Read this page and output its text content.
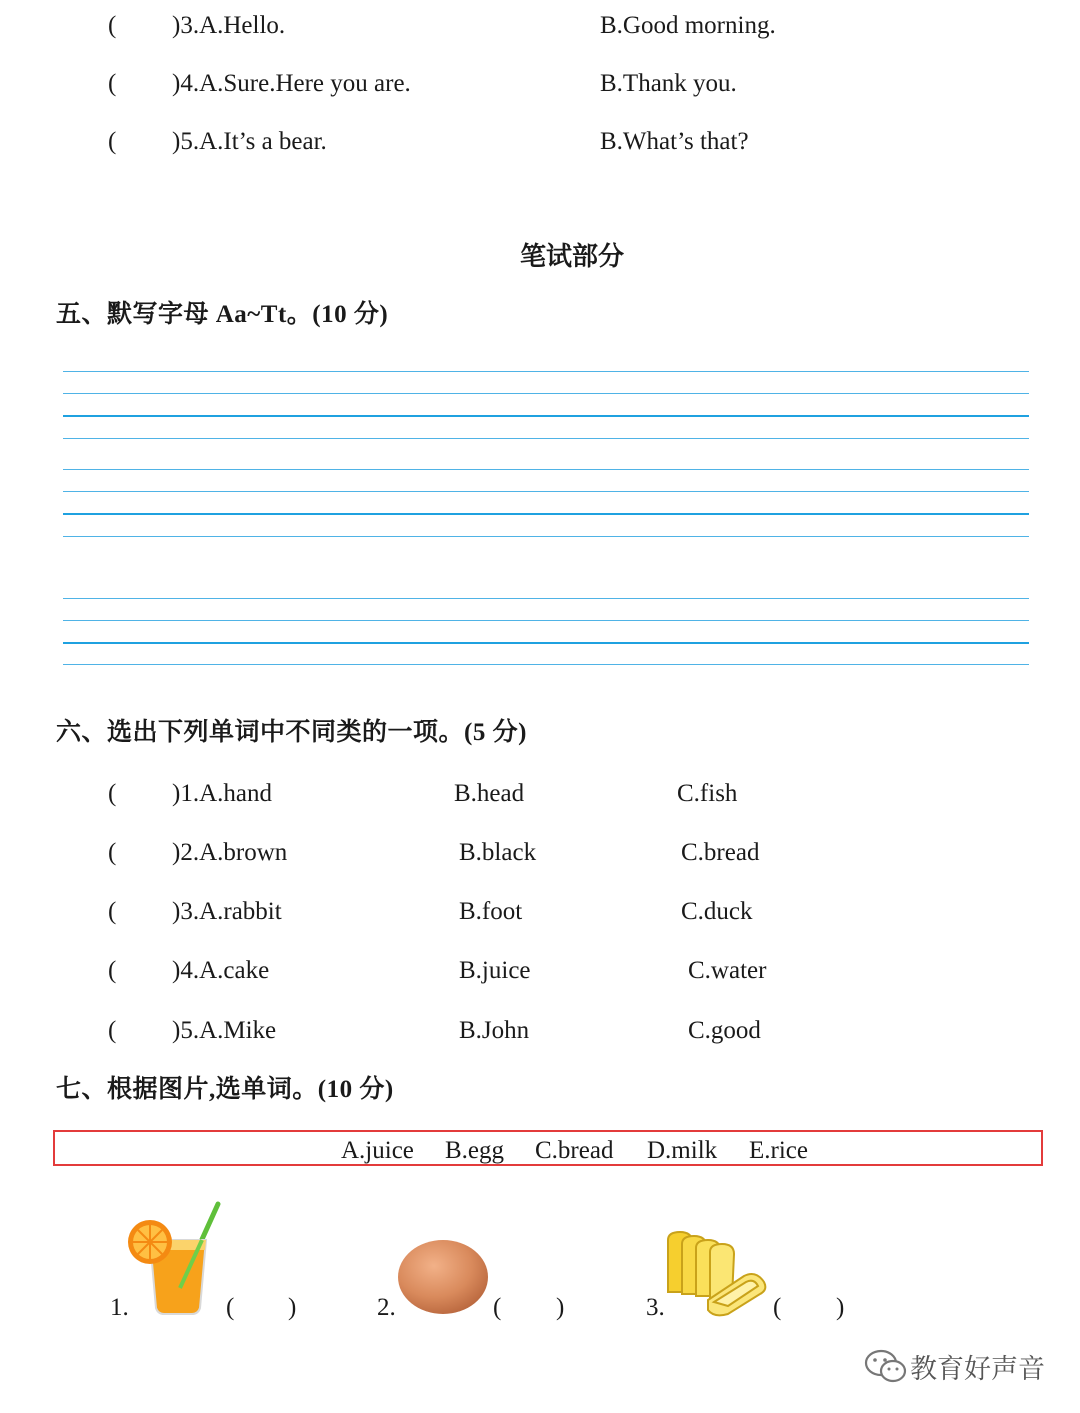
( )3.A.Hello.	B.Good morning.
( )4.A.Sure.Here you are.	B.Thank you.
( )5.A.It’s a bear.	B.What’s that?
笔试部分
五、默写字母 Aa~Tt。(10 分)
六、选出下列单词中不同类的一项。(5 分)
( )1.A.hand	B.head	C.fish
( )2.A.brown	B.black	C.bread
( )3.A.rabbit	B.foot	C.duck
( )4.A.cake	B.juice	C.water
( )5.A.Mike	B.John	C.good
七、根据图片,选单词。(10 分)
A.juice B.egg C.bread D.milk E.rice
1.	( )	2.	( )	3.	( )
教育好声音
